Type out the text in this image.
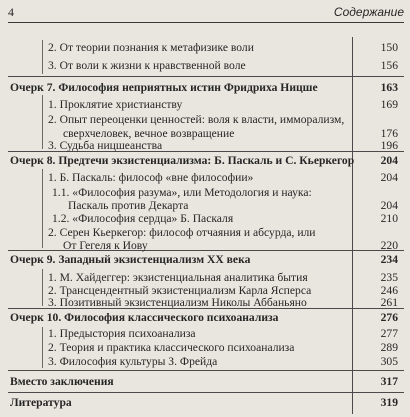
4	Содержание
2. От теории познания к метафизике воли	150
3. От воли к жизни к нравственной воле	156
Очерк 7. Философия неприятных истин Фридриха Ницше	163
1. Проклятие христианству	169
2. Опыт переоценки ценностей: воля к власти, имморализм,
сверхчеловек, вечное возвращение	176
3. Судьба ницшеанства	196
Очерк 8. Предтечи экзистенциализма: Б. Паскаль и С. Кьеркегор 204
1. Б. Паскаль: философ «вне философии»	204
1.1. «Философия разума», или Методология и наука:
Паскаль против Декарта	204
1.2. «Философия сердца» Б. Паскаля	210
2. Серен Кьеркегор: философ отчаяния и абсурда, или
От Гегеля к Иову	220
Очерк 9. Западный экзистенциализм XX века	234
1. М. Хайдеггер: экзистенциальная аналитика бытия	235
2. Трансцендентный экзистенциализм Карла Ясперса	246
3. Позитивный экзистенциализм Николы Аббаньяно	261
Очерк 10. Философия классического психоанализа	276
1. Предыстория психоанализа	277
2. Теория и практика классического психоанализа	289
3. Философия культуры З. Фрейда	305
Вместо заключения	317
Литература	319
